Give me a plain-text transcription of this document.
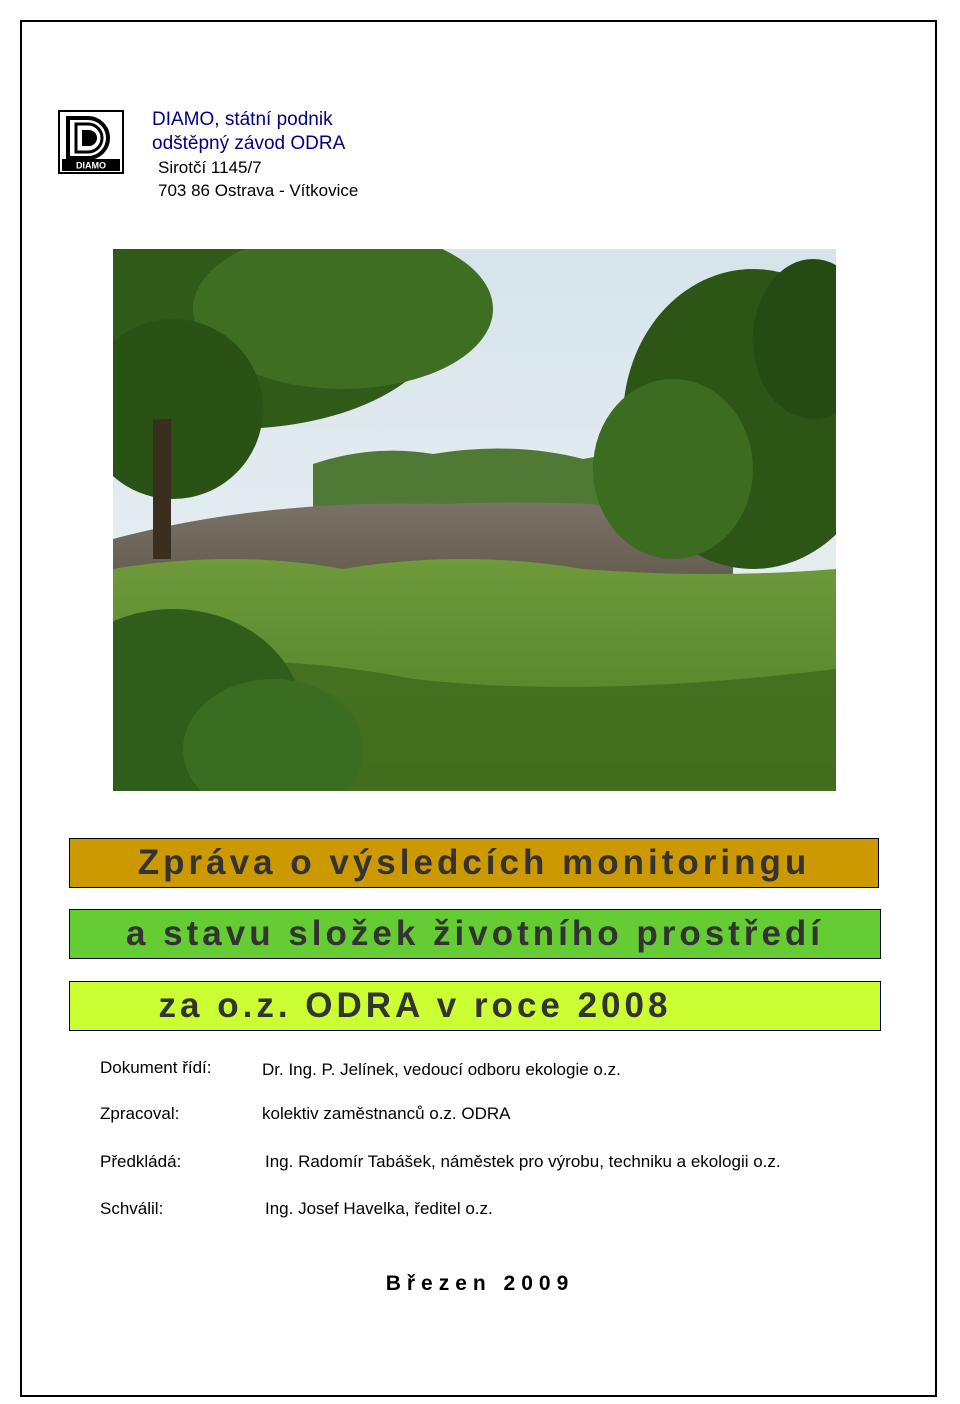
DIAMO
DIAMO, státní podnik
odštěpný závod ODRA
Sirotčí 1145/7
703 86 Ostrava - Vítkovice
Zpráva o výsledcích monitoringu
a stavu složek životního prostředí
za o.z. ODRA v roce 2008
Dokument řídí:	Dr. Ing. P. Jelínek, vedoucí odboru ekologie o.z.
Zpracoval:	kolektiv zaměstnanců o.z. ODRA
Předkládá:	Ing. Radomír Tabášek, náměstek pro výrobu, techniku a ekologii o.z.
Schválil:	Ing. Josef Havelka, ředitel o.z.
Březen 2009
